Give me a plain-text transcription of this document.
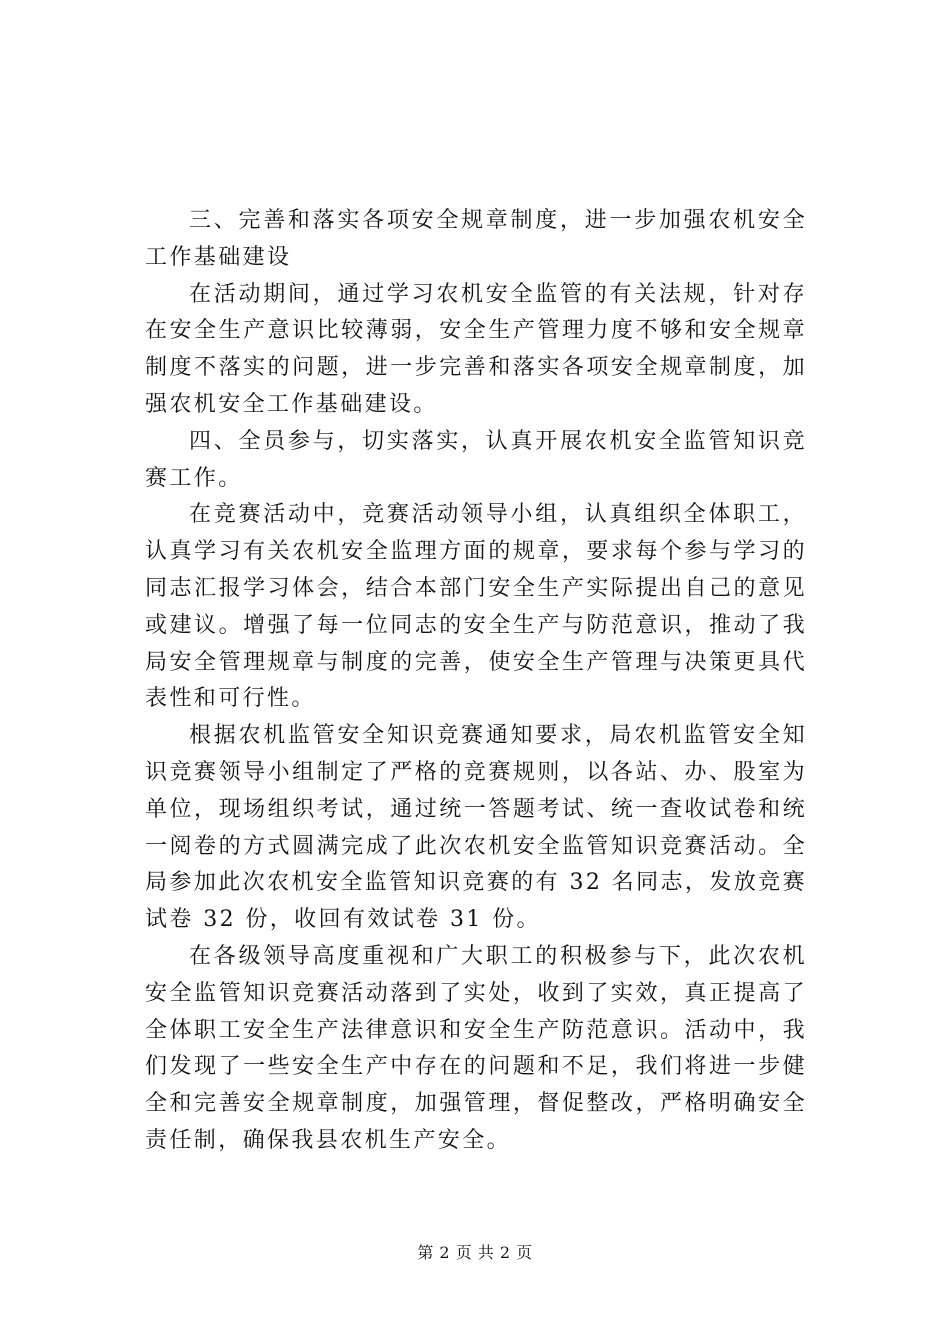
三、完善和落实各项安全规章制度，进一步加强农机安全工作基础建设

在活动期间，通过学习农机安全监管的有关法规，针对存在安全生产意识比较薄弱，安全生产管理力度不够和安全规章制度不落实的问题，进一步完善和落实各项安全规章制度，加强农机安全工作基础建设。

四、全员参与，切实落实，认真开展农机安全监管知识竞赛工作。

在竞赛活动中，竞赛活动领导小组，认真组织全体职工，认真学习有关农机安全监理方面的规章，要求每个参与学习的同志汇报学习体会，结合本部门安全生产实际提出自己的意见或建议。增强了每一位同志的安全生产与防范意识，推动了我局安全管理规章与制度的完善，使安全生产管理与决策更具代表性和可行性。

根据农机监管安全知识竞赛通知要求，局农机监管安全知识竞赛领导小组制定了严格的竞赛规则，以各站、办、股室为单位，现场组织考试，通过统一答题考试、统一查收试卷和统一阅卷的方式圆满完成了此次农机安全监管知识竞赛活动。全局参加此次农机安全监管知识竞赛的有 32 名同志，发放竞赛试卷 32 份，收回有效试卷 31 份。

在各级领导高度重视和广大职工的积极参与下，此次农机安全监管知识竞赛活动落到了实处，收到了实效，真正提高了全体职工安全生产法律意识和安全生产防范意识。活动中，我们发现了一些安全生产中存在的问题和不足，我们将进一步健全和完善安全规章制度，加强管理，督促整改，严格明确安全责任制，确保我县农机生产安全。

第 2 页 共 2 页
